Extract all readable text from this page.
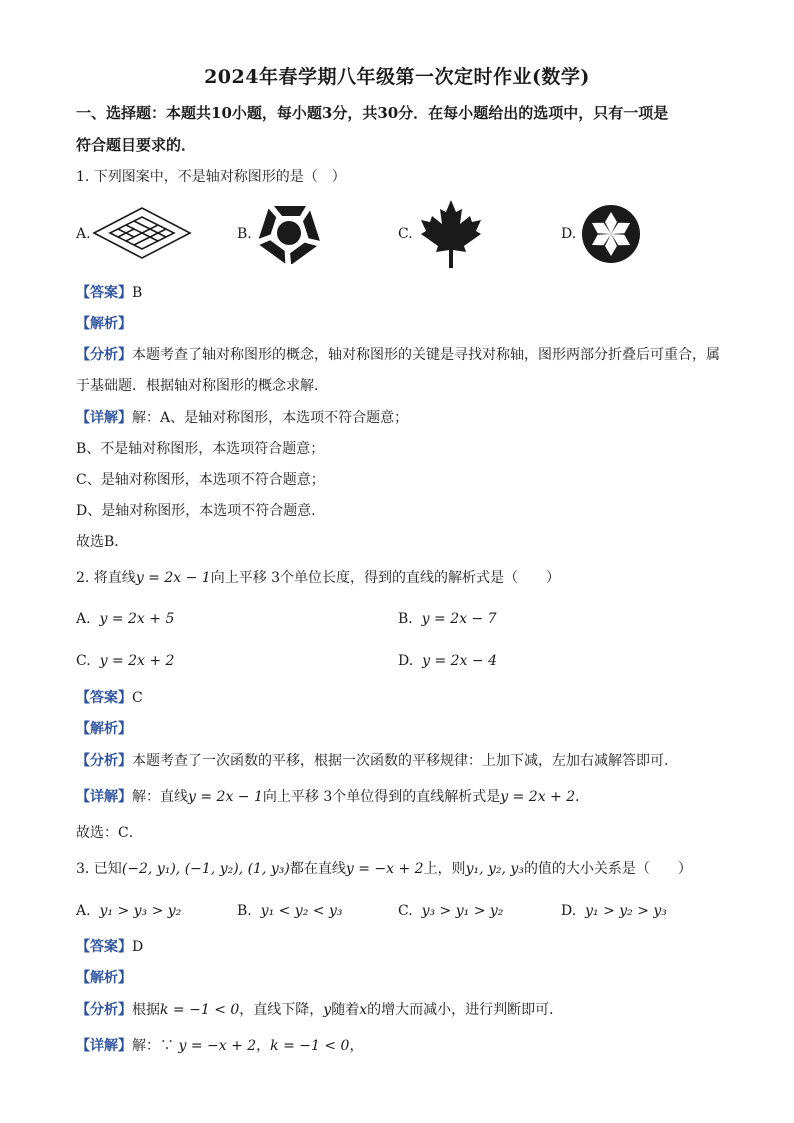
2024年春学期八年级第一次定时作业(数学)
一、选择题：本题共10小题，每小题3分，共30分．在每小题给出的选项中，只有一项是
符合题目要求的．
1. 下列图案中，不是轴对称图形的是（　）
A.	B.	C.	D.
【答案】B
【解析】
【分析】本题考查了轴对称图形的概念，轴对称图形的关键是寻找对称轴，图形两部分折叠后可重合，属
于基础题．根据轴对称图形的概念求解．
【详解】解：A、是轴对称图形，本选项不符合题意；
B、不是轴对称图形，本选项符合题意；
C、是轴对称图形，本选项不符合题意；
D、是轴对称图形，本选项不符合题意．
故选B．
2. 将直线y = 2x − 1向上平移 3个单位长度，得到的直线的解析式是（　　）
A. y = 2x + 5	B. y = 2x − 7
C. y = 2x + 2	D. y = 2x − 4
【答案】C
【解析】
【分析】本题考查了一次函数的平移，根据一次函数的平移规律：上加下减，左加右减解答即可．
【详解】解：直线y = 2x − 1向上平移 3个单位得到的直线解析式是y = 2x + 2．
故选：C．
3. 已知(−2, y₁), (−1, y₂), (1, y₃)都在直线y = −x + 2上，则y₁, y₂, y₃的值的大小关系是（　　）
A. y₁ > y₃ > y₂	B. y₁ < y₂ < y₃	C. y₃ > y₁ > y₂	D. y₁ > y₂ > y₃
【答案】D
【解析】
【分析】根据k = −1 < 0，直线下降，y随着x的增大而减小，进行判断即可．
【详解】解：∵ y = −x + 2，k = −1 < 0，
